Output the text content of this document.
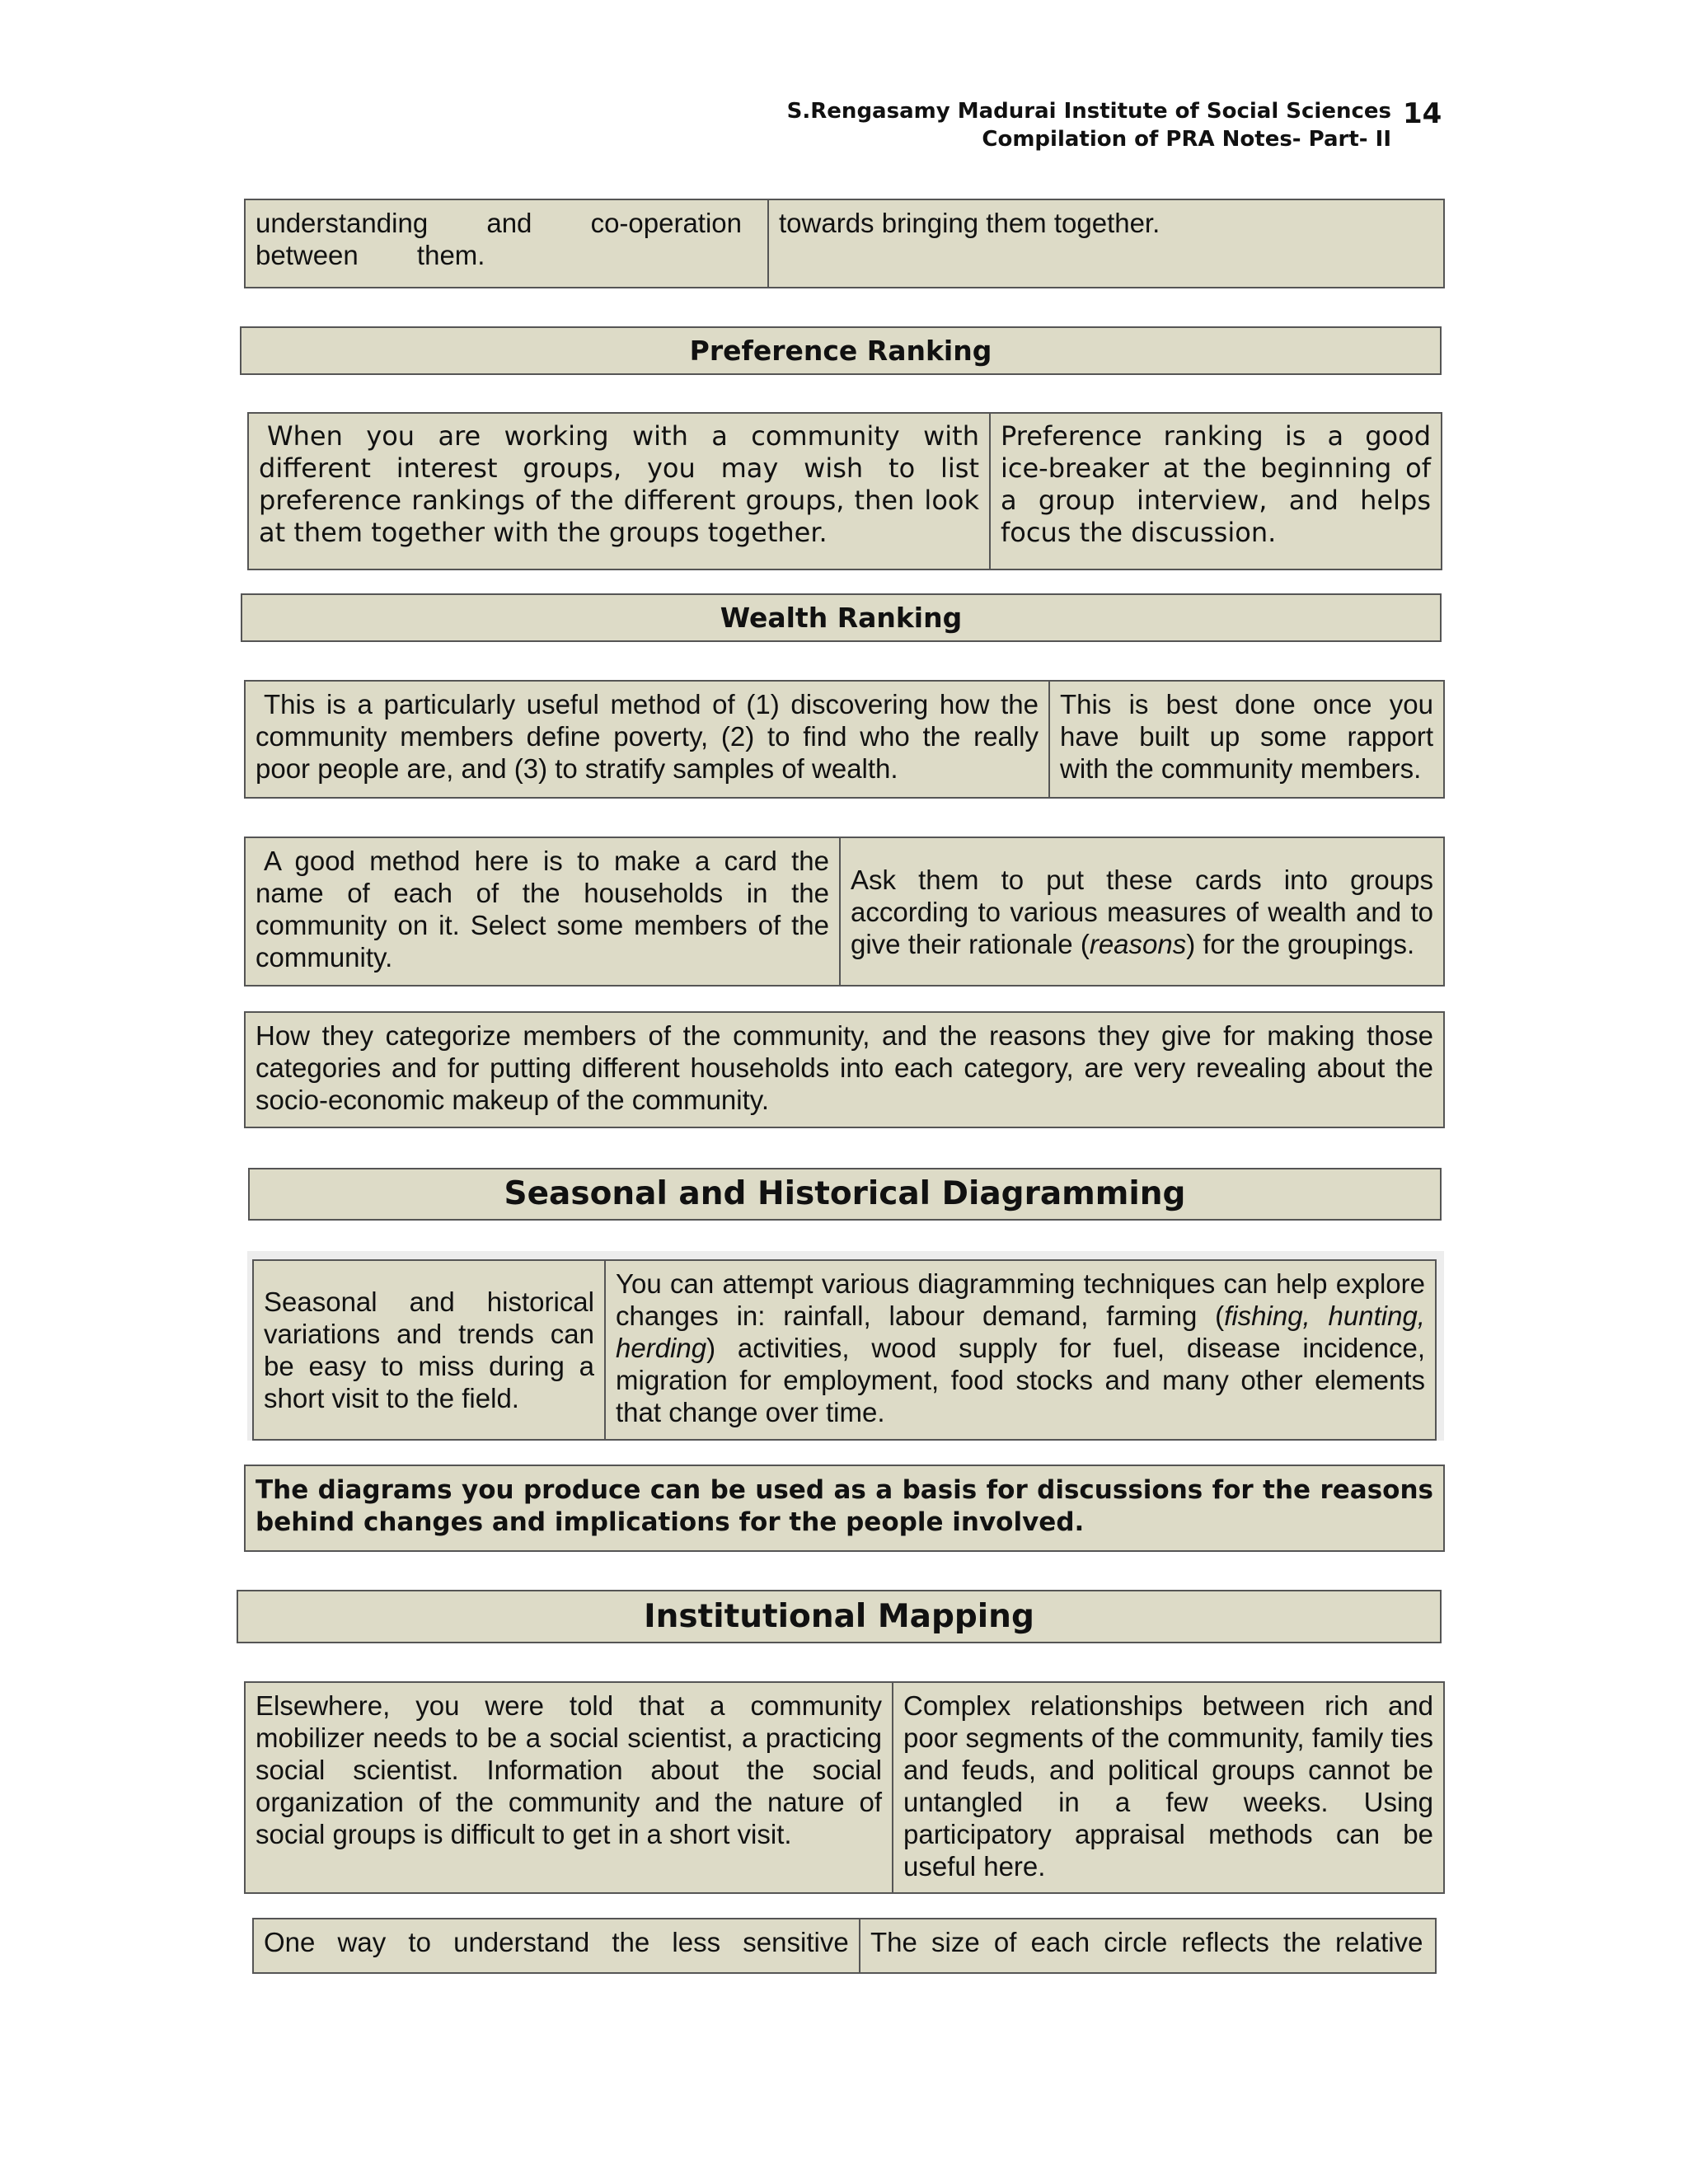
S.Rengasamy Madurai Institute of Social Sciences
Compilation of PRA Notes- Part- II
14
understanding and co-operation between them.
towards bringing them together.
Preference Ranking
When you are working with a community with different interest groups, you may wish to list preference rankings of the different groups, then look at them together with the groups together.
Preference ranking is a good ice-breaker at the beginning of a group interview, and helps focus the discussion.
Wealth Ranking
This is a particularly useful method of (1) discovering how the community members define poverty, (2) to find who the really poor people are, and (3) to stratify samples of wealth.
This is best done once you have built up some rapport with the community members.
A good method here is to make a card the name of each of the households in the community on it. Select some members of the community.
Ask them to put these cards into groups according to various measures of wealth and to give their rationale (reasons) for the groupings.
How they categorize members of the community, and the reasons they give for making those categories and for putting different households into each category, are very revealing about the socio-economic makeup of the community.
Seasonal and Historical Diagramming
Seasonal and historical variations and trends can be easy to miss during a short visit to the field.
You can attempt various diagramming techniques can help explore changes in: rainfall, labour demand, farming (fishing, hunting, herding) activities, wood supply for fuel, disease incidence, migration for employment, food stocks and many other elements that change over time.
The diagrams you produce can be used as a basis for discussions for the reasons behind changes and implications for the people involved.
Institutional Mapping
Elsewhere, you were told that a community mobilizer needs to be a social scientist, a practicing social scientist. Information about the social organization of the community and the nature of social groups is difficult to get in a short visit.
Complex relationships between rich and poor segments of the community, family ties and feuds, and political groups cannot be untangled in a few weeks. Using participatory appraisal methods can be useful here.
One way to understand the less sensitive The size of each circle reflects the relative
